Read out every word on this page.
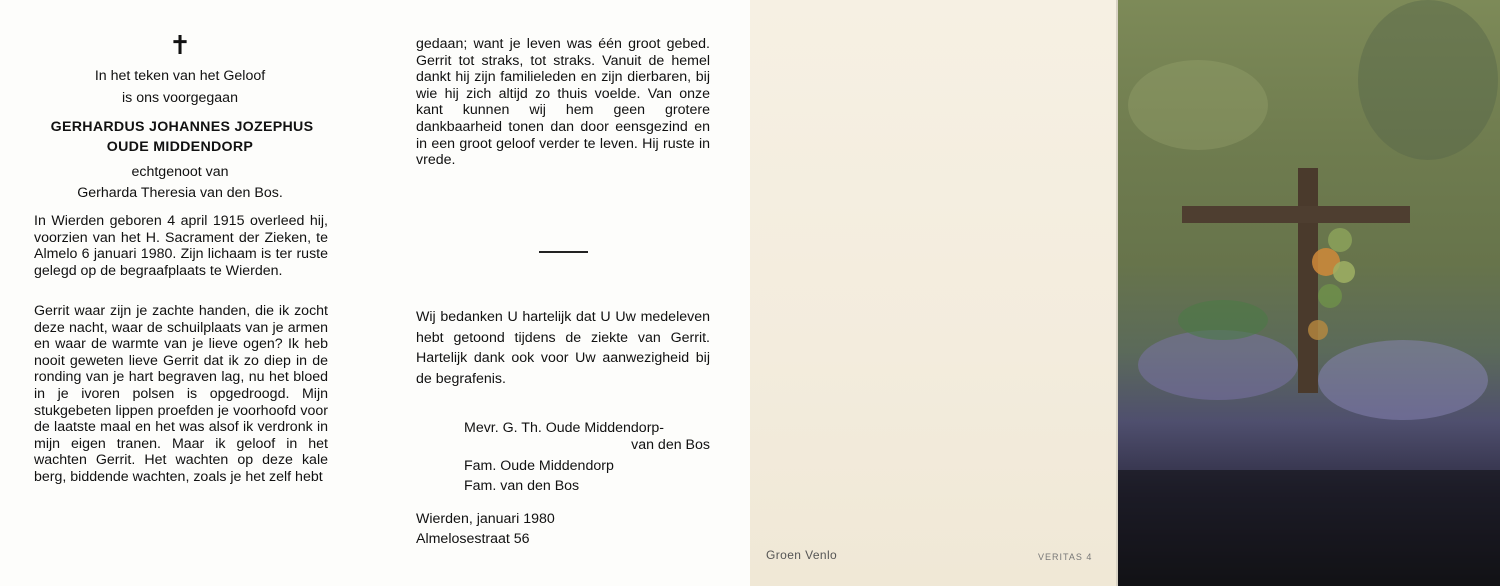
✝
In het teken van het Geloof
is ons voorgegaan
GERHARDUS JOHANNES JOZEPHUS
OUDE MIDDENDORP
echtgenoot van
Gerharda Theresia van den Bos.
In Wierden geboren 4 april 1915 overleed hij, voorzien van het H. Sacrament der Zieken, te Almelo 6 januari 1980. Zijn lichaam is ter ruste gelegd op de begraafplaats te Wierden.
Gerrit waar zijn je zachte handen, die ik zocht deze nacht, waar de schuilplaats van je armen en waar de warmte van je lieve ogen? Ik heb nooit geweten lieve Gerrit dat ik zo diep in de ronding van je hart begraven lag, nu het bloed in je ivoren polsen is opgedroogd. Mijn stukgebeten lippen proefden je voorhoofd voor de laatste maal en het was alsof ik verdronk in mijn eigen tranen. Maar ik geloof in het wachten Gerrit. Het wachten op deze kale berg, biddende wachten, zoals je het zelf hebt
gedaan; want je leven was één groot gebed. Gerrit tot straks, tot straks. Vanuit de hemel dankt hij zijn familieleden en zijn dierbaren, bij wie hij zich altijd zo thuis voelde. Van onze kant kunnen wij hem geen grotere dankbaarheid tonen dan door eensgezind en in een groot geloof verder te leven. Hij ruste in vrede.
Wij bedanken U hartelijk dat U Uw medeleven hebt getoond tijdens de ziekte van Gerrit. Hartelijk dank ook voor Uw aanwezigheid bij de begrafenis.
Mevr. G. Th. Oude Middendorp-
van den Bos
Fam. Oude Middendorp
Fam. van den Bos
Wierden, januari 1980
Almelosestraat 56
Groen Venlo	VERITAS 4
